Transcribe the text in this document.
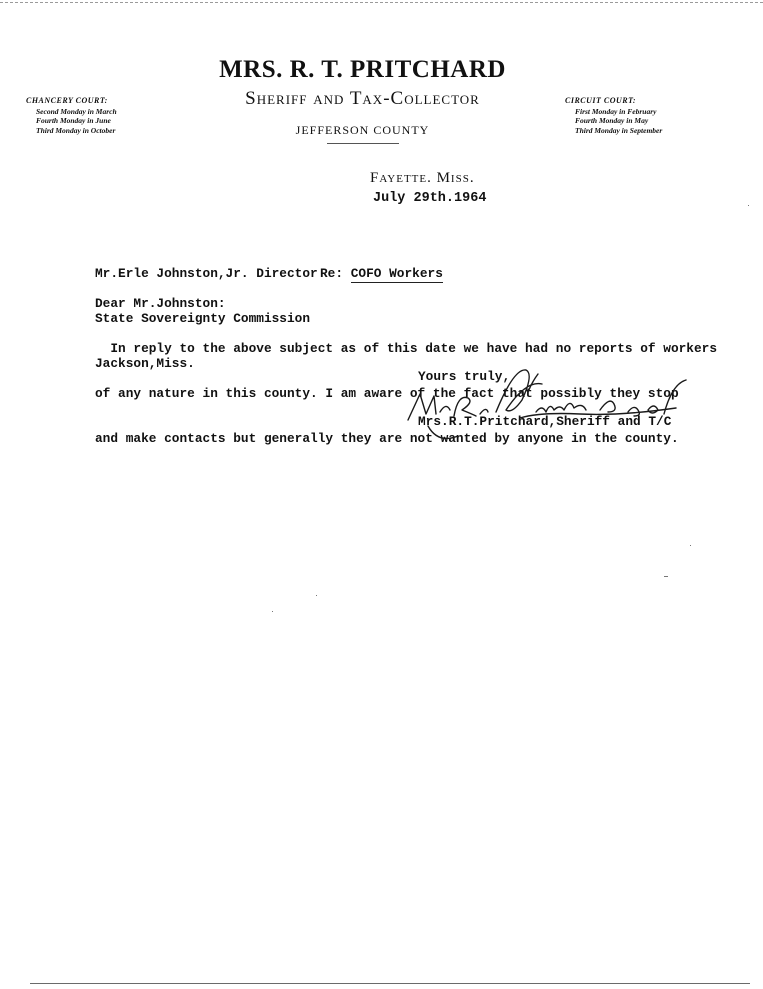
MRS. R. T. PRITCHARD
Sheriff and Tax-Collector
JEFFERSON COUNTY
CHANCERY COURT:
Second Monday in March
Fourth Monday in June
Third Monday in October
CIRCUIT COURT:
First Monday in February
Fourth Monday in May
Third Monday in September
Fayette. Miss.
July 29th.1964

Mr.Erle Johnston,Jr. Director

State Sovereignty Commission

Jackson,Miss.

Re: COFO Workers
Dear Mr.Johnston:

In reply to the above subject as of this date we have had no reports of workers

of any nature in this county. I am aware of the fact that possibly they stop

and make contacts but generally they are not wanted by anyone in the county.

Yours truly,
Mrs.R.T.Pritchard,Sheriff and T/C
